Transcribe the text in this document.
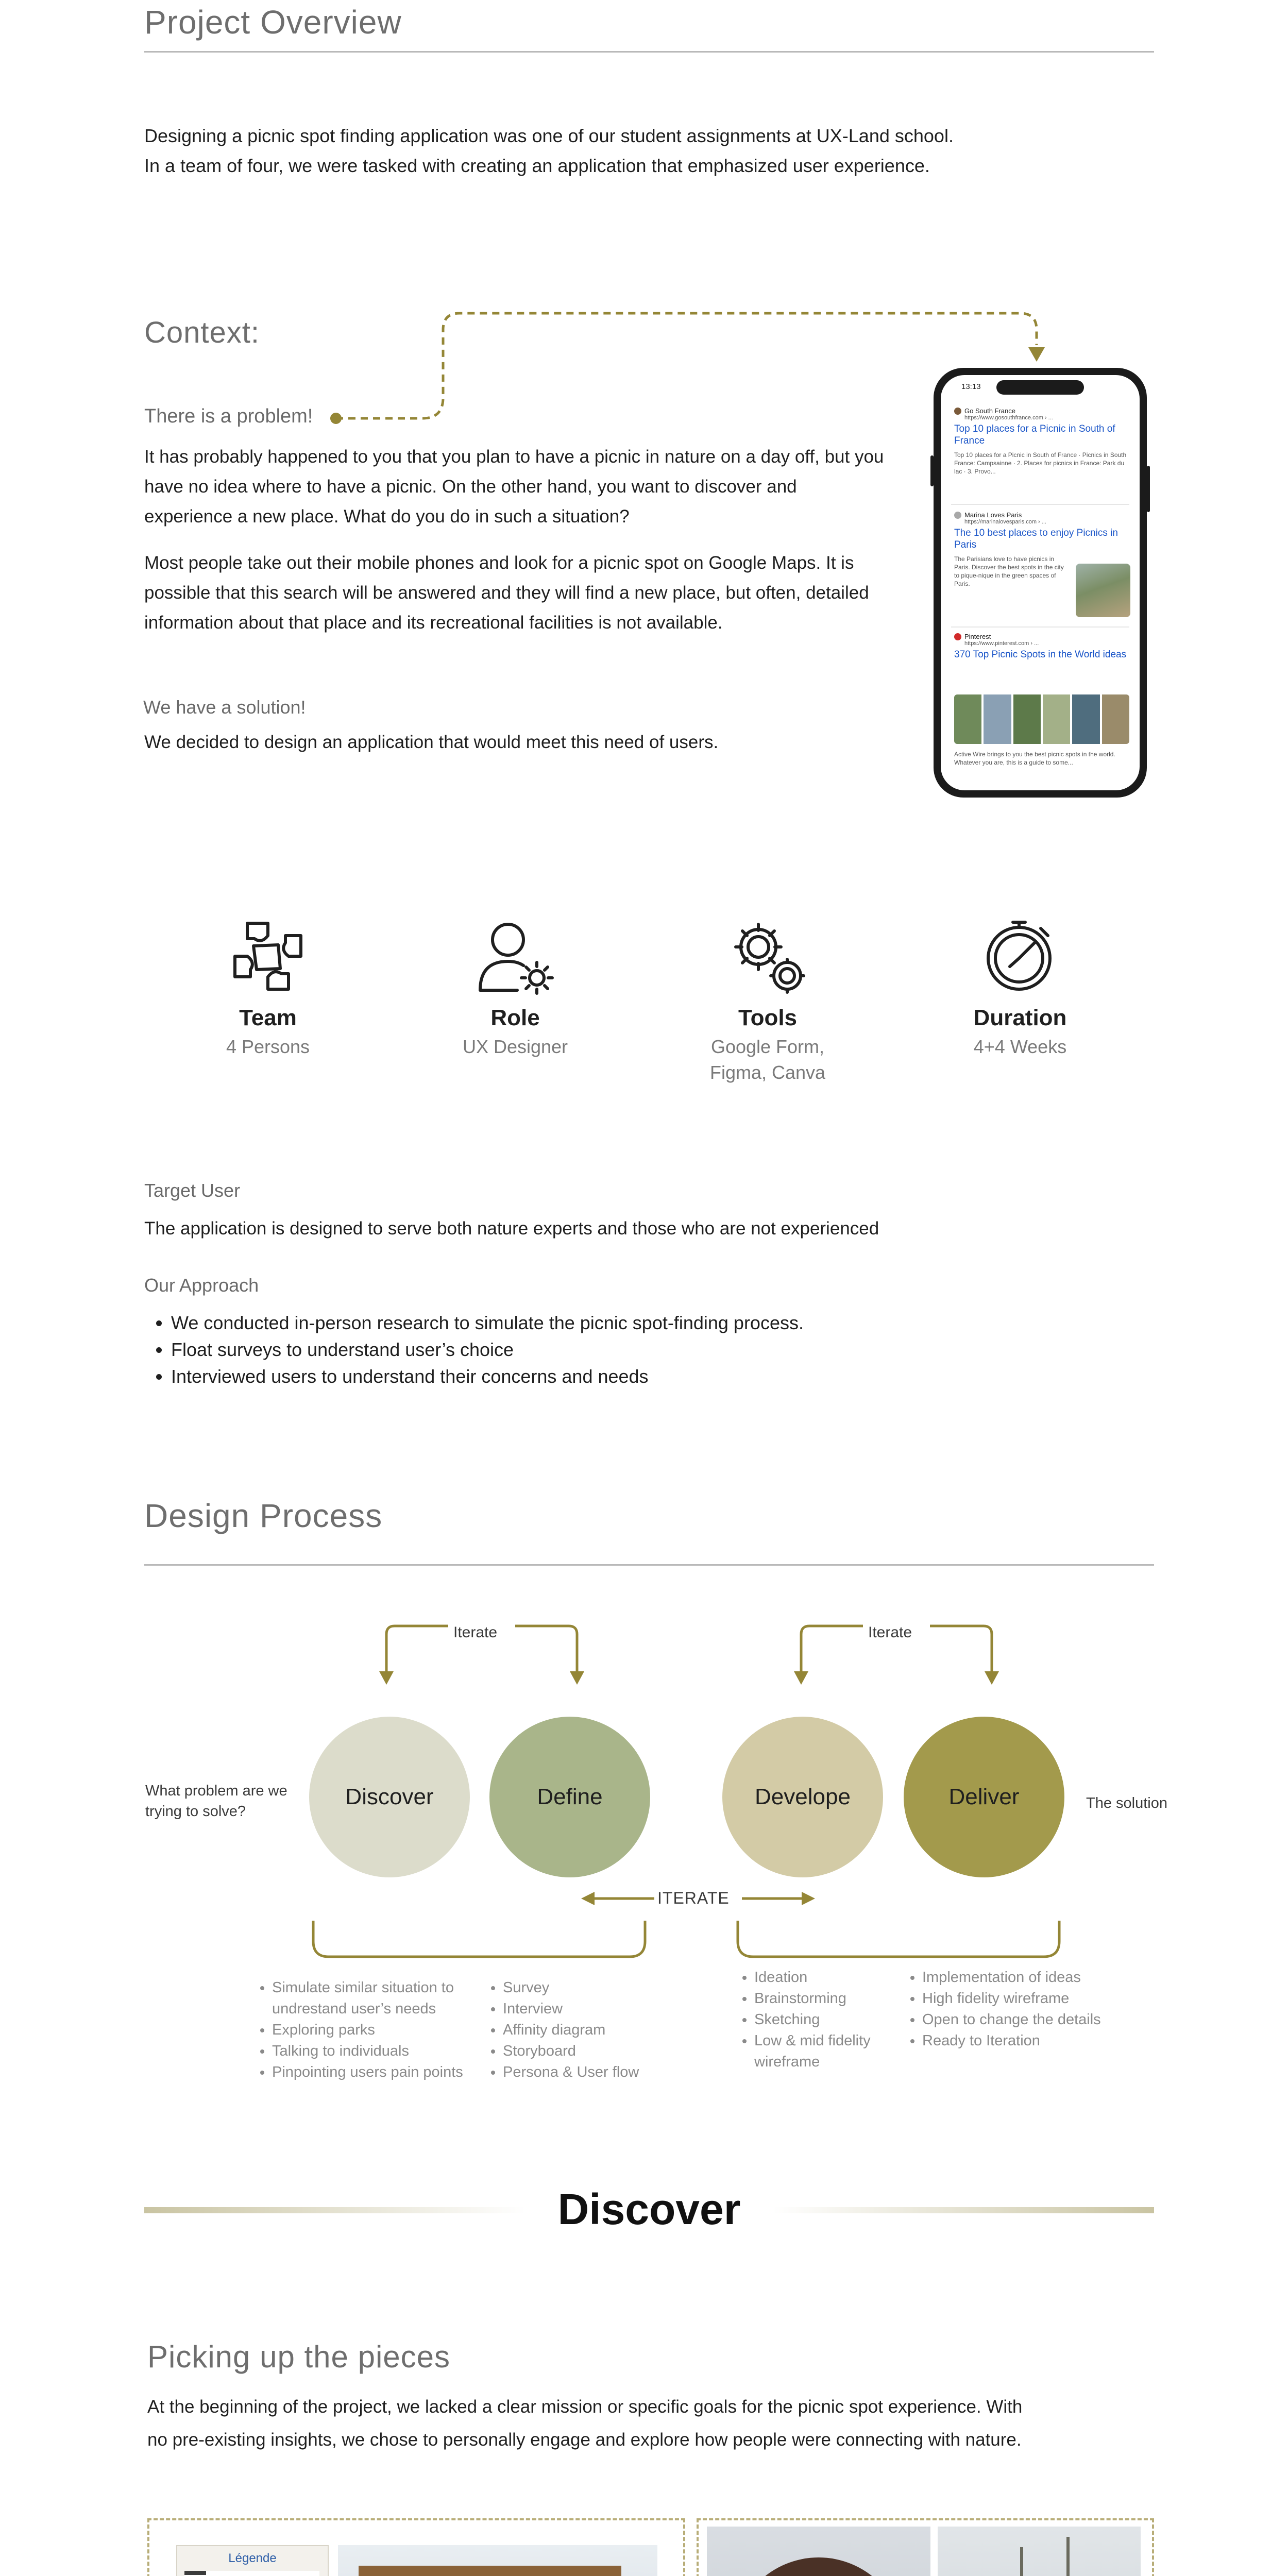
Project Overview
Designing a picnic spot finding application was one of our student assignments at UX-Land school.
In a team of four, we were tasked with creating an application that emphasized user experience.
Context:
There is a problem!
It has probably happened to you that you plan to have a picnic in nature on a day off, but you have no idea where to have a picnic. On the other hand, you want to discover and experience a new place. What do you do in such a situation?
Most people take out their mobile phones and look for a picnic spot on Google Maps. It is possible that this search will be answered and they will find a new place, but often, detailed information about that place and its recreational facilities is not available.
We have a solution!
We decided to design an application that would meet this need of users.
13:13
Go South France
https://www.gosouthfrance.com › ...
Top 10 places for a Picnic in South of France
Top 10 places for a Picnic in South of France · Picnics in South France: Campsainne · 2. Places for picnics in France: Park du lac · 3. Provo...
Marina Loves Paris
https://marinalovesparis.com › ...
The 10 best places to enjoy Picnics in Paris
The Parisians love to have picnics in Paris. Discover the best spots in the city to pique-nique in the green spaces of Paris.
Pinterest
https://www.pinterest.com › ...
370 Top Picnic Spots in the World ideas
Active Wire brings to you the best picnic spots in the world. Whatever you are, this is a guide to some...
Team
4 Persons
Role
UX Designer
Tools
Google Form,
Figma, Canva
Duration
4+4 Weeks
Target User
The application is designed to serve both nature experts and those who are not experienced
Our Approach
• We conducted in-person research to simulate the picnic spot-finding process.
• Float surveys to understand user’s choice
• Interviewed users to understand their concerns and needs
Design Process
Iterate	Iterate
What problem are we trying to solve?
Discover	Define	Develope	Deliver	The solution
ITERATE
• Simulate similar situation to undrestand user’s needs
• Exploring parks
• Talking to individuals
• Pinpointing users pain points
• Survey
• Interview
• Affinity diagram
• Storyboard
• Persona & User flow
• Ideation
• Brainstorming
• Sketching
• Low & mid fidelity wireframe
• Implementation of ideas
• High fidelity wireframe
• Open to change the details
• Ready to Iteration
Discover
Picking up the pieces
At the beginning of the project, we lacked a clear mission or specific goals for the picnic spot experience. With
no pre-existing insights, we chose to personally engage and explore how people were connecting with nature.
Légende
